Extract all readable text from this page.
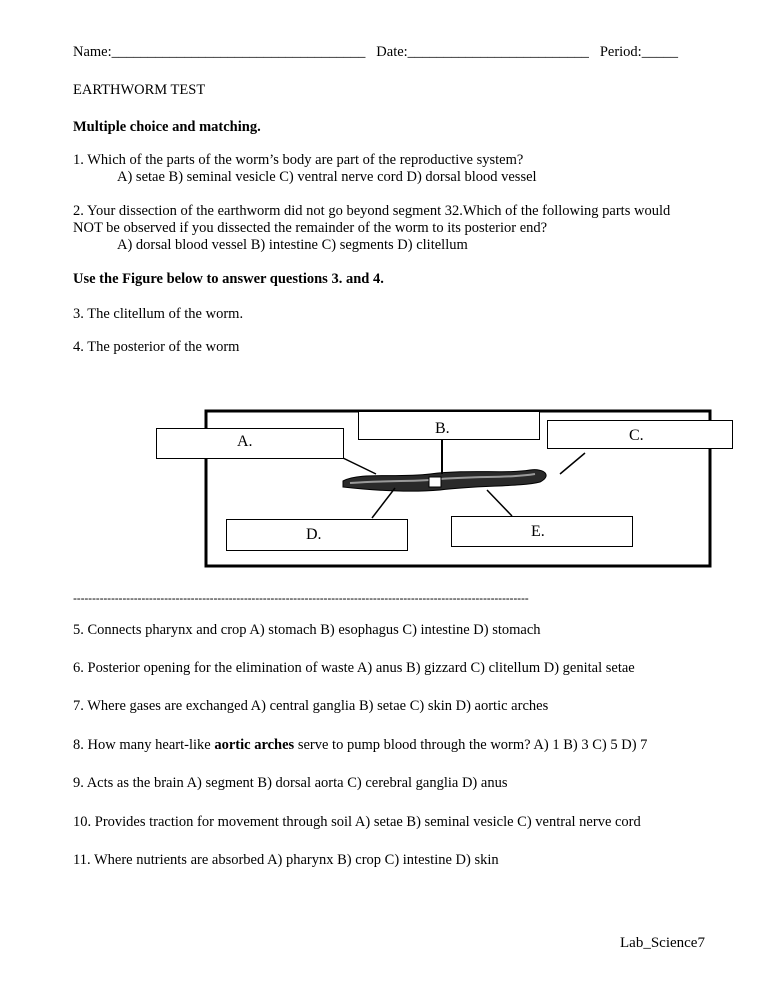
Name:___________________________________ Date:_________________________ Period:_____
EARTHWORM TEST
Multiple choice and matching.
1. Which of the parts of the worm’s body are part of the reproductive system?
A) setae B) seminal vesicle C) ventral nerve cord D) dorsal blood vessel
2. Your dissection of the earthworm did not go beyond segment 32.Which of the following parts would
NOT be observed if you dissected the remainder of the worm to its posterior end?
A) dorsal blood vessel B) intestine C) segments D) clitellum
Use the Figure below to answer questions 3. and 4.
3. The clitellum of the worm.
4. The posterior of the worm
A.
B.	C.
D.	E.
------------------------------------------------------------------------------------------------------------------------
5. Connects pharynx and crop A) stomach B) esophagus C) intestine D) stomach
6. Posterior opening for the elimination of waste A) anus B) gizzard C) clitellum D) genital setae
7. Where gases are exchanged A) central ganglia B) setae C) skin D) aortic arches
8. How many heart-like aortic arches serve to pump blood through the worm? A) 1 B) 3 C) 5 D) 7
9. Acts as the brain A) segment B) dorsal aorta C) cerebral ganglia D) anus
10. Provides traction for movement through soil A) setae B) seminal vesicle C) ventral nerve cord
11. Where nutrients are absorbed A) pharynx B) crop C) intestine D) skin
Lab_Science7
